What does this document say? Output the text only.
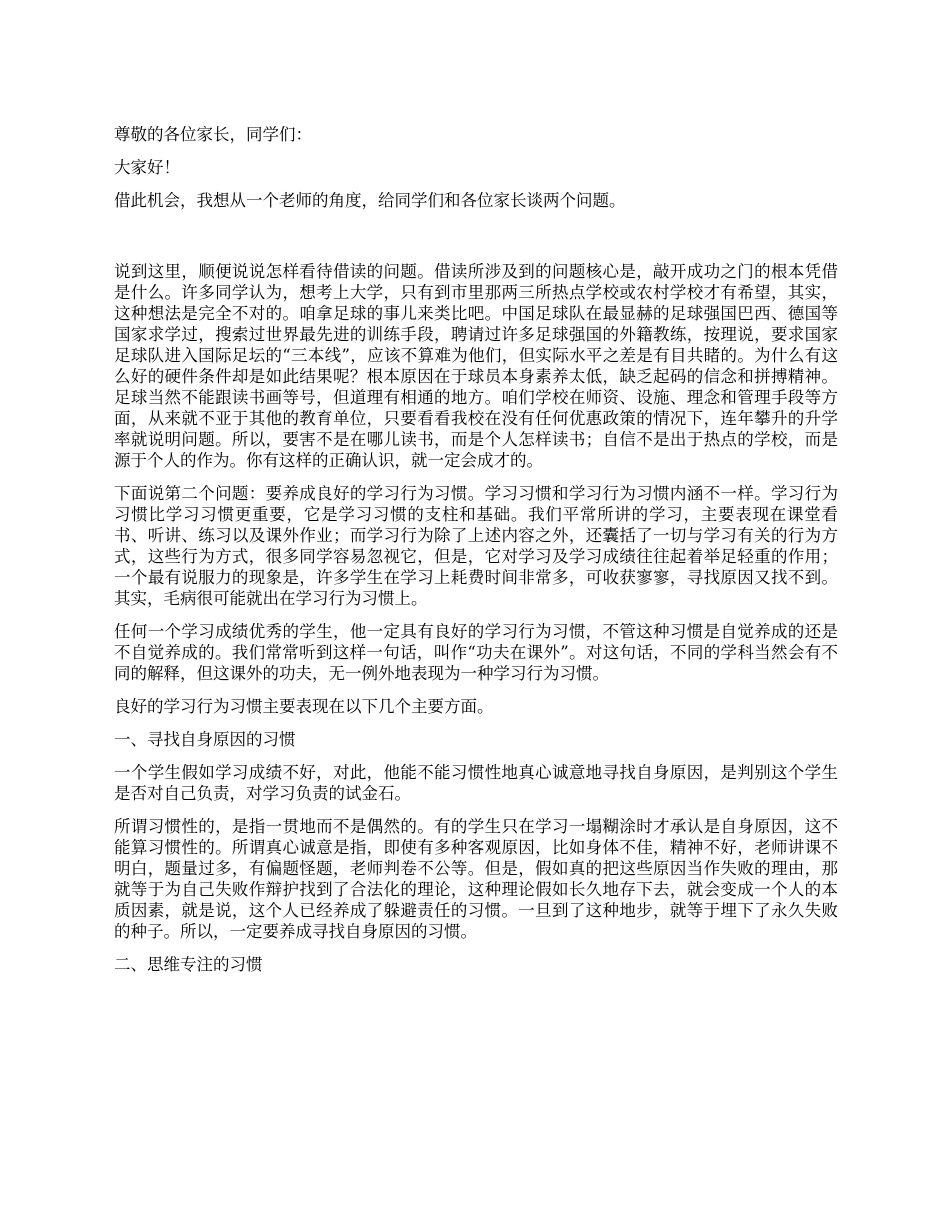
尊敬的各位家长，同学们：

大家好！

借此机会，我想从一个老师的角度，给同学们和各位家长谈两个问题。

说到这里，顺便说说怎样看待借读的问题。借读所涉及到的问题核心是，敲开成功之门的根本凭借是什么。许多同学认为，想考上大学，只有到市里那两三所热点学校或农村学校才有希望，其实，这种想法是完全不对的。咱拿足球的事儿来类比吧。中国足球队在最显赫的足球强国巴西、德国等国家求学过，搜索过世界最先进的训练手段，聘请过许多足球强国的外籍教练，按理说，要求国家足球队进入国际足坛的“三本线”，应该不算难为他们，但实际水平之差是有目共睹的。为什么有这么好的硬件条件却是如此结果呢？根本原因在于球员本身素养太低，缺乏起码的信念和拼搏精神。足球当然不能跟读书画等号，但道理有相通的地方。咱们学校在师资、设施、理念和管理手段等方面，从来就不亚于其他的教育单位，只要看看我校在没有任何优惠政策的情况下，连年攀升的升学率就说明问题。所以，要害不是在哪儿读书，而是个人怎样读书；自信不是出于热点的学校，而是源于个人的作为。你有这样的正确认识，就一定会成才的。

下面说第二个问题：要养成良好的学习行为习惯。学习习惯和学习行为习惯内涵不一样。学习行为习惯比学习习惯更重要，它是学习习惯的支柱和基础。我们平常所讲的学习，主要表现在课堂看书、听讲、练习以及课外作业；而学习行为除了上述内容之外，还囊括了一切与学习有关的行为方式，这些行为方式，很多同学容易忽视它，但是，它对学习及学习成绩往往起着举足轻重的作用；一个最有说服力的现象是，许多学生在学习上耗费时间非常多，可收获寥寥，寻找原因又找不到。其实，毛病很可能就出在学习行为习惯上。

任何一个学习成绩优秀的学生，他一定具有良好的学习行为习惯，不管这种习惯是自觉养成的还是不自觉养成的。我们常常听到这样一句话，叫作“功夫在课外”。对这句话，不同的学科当然会有不同的解释，但这课外的功夫，无一例外地表现为一种学习行为习惯。

良好的学习行为习惯主要表现在以下几个主要方面。

一、寻找自身原因的习惯

一个学生假如学习成绩不好，对此，他能不能习惯性地真心诚意地寻找自身原因，是判别这个学生是否对自己负责，对学习负责的试金石。

所谓习惯性的，是指一贯地而不是偶然的。有的学生只在学习一塌糊涂时才承认是自身原因，这不能算习惯性的。所谓真心诚意是指，即使有多种客观原因，比如身体不佳，精神不好，老师讲课不明白，题量过多，有偏题怪题，老师判卷不公等。但是，假如真的把这些原因当作失败的理由，那就等于为自己失败作辩护找到了合法化的理论，这种理论假如长久地存下去，就会变成一个人的本质因素，就是说，这个人已经养成了躲避责任的习惯。一旦到了这种地步，就等于埋下了永久失败的种子。所以，一定要养成寻找自身原因的习惯。

二、思维专注的习惯
